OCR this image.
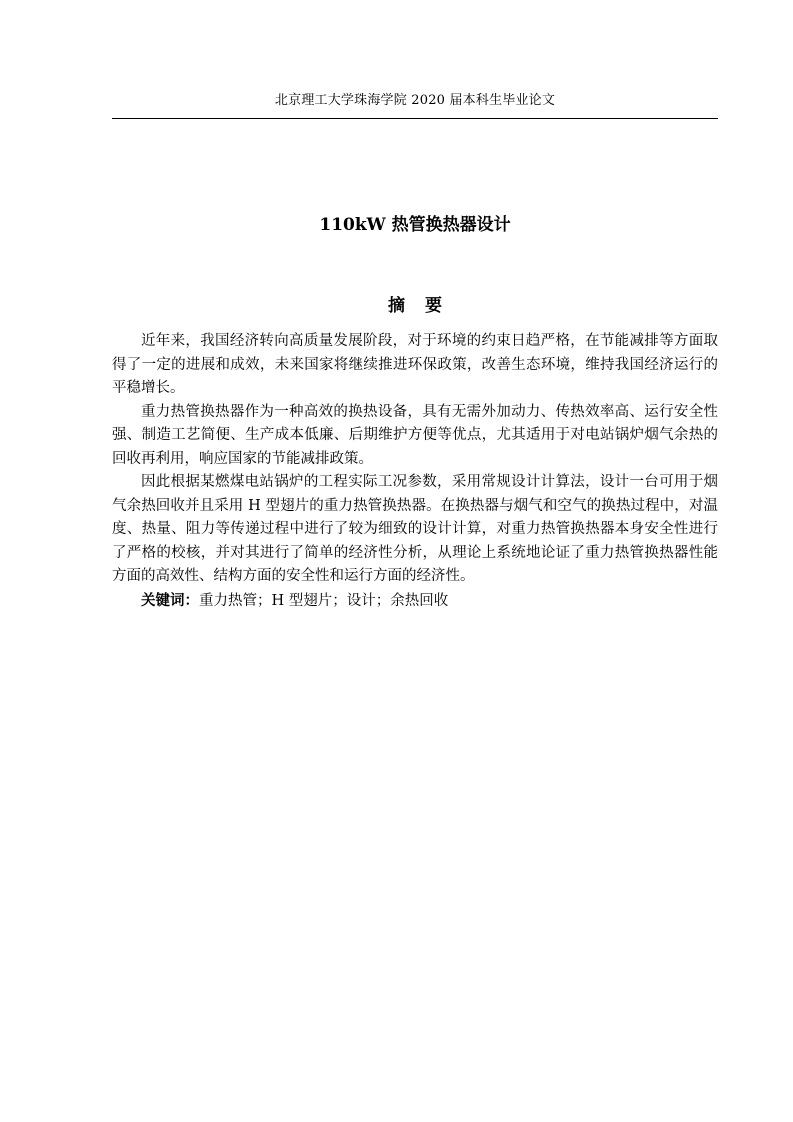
北京理工大学珠海学院 2020 届本科生毕业论文
110kW 热管换热器设计
摘要

近年来，我国经济转向高质量发展阶段，对于环境的约束日趋严格，在节能减排等方面取得了一定的进展和成效，未来国家将继续推进环保政策，改善生态环境，维持我国经济运行的平稳增长。

重力热管换热器作为一种高效的换热设备，具有无需外加动力、传热效率高、运行安全性强、制造工艺简便、生产成本低廉、后期维护方便等优点，尤其适用于对电站锅炉烟气余热的回收再利用，响应国家的节能减排政策。

因此根据某燃煤电站锅炉的工程实际工况参数，采用常规设计计算法，设计一台可用于烟气余热回收并且采用 H 型翅片的重力热管换热器。在换热器与烟气和空气的换热过程中，对温度、热量、阻力等传递过程中进行了较为细致的设计计算，对重力热管换热器本身安全性进行了严格的校核，并对其进行了简单的经济性分析，从理论上系统地论证了重力热管换热器性能方面的高效性、结构方面的安全性和运行方面的经济性。

关键词：重力热管；H 型翅片；设计；余热回收
